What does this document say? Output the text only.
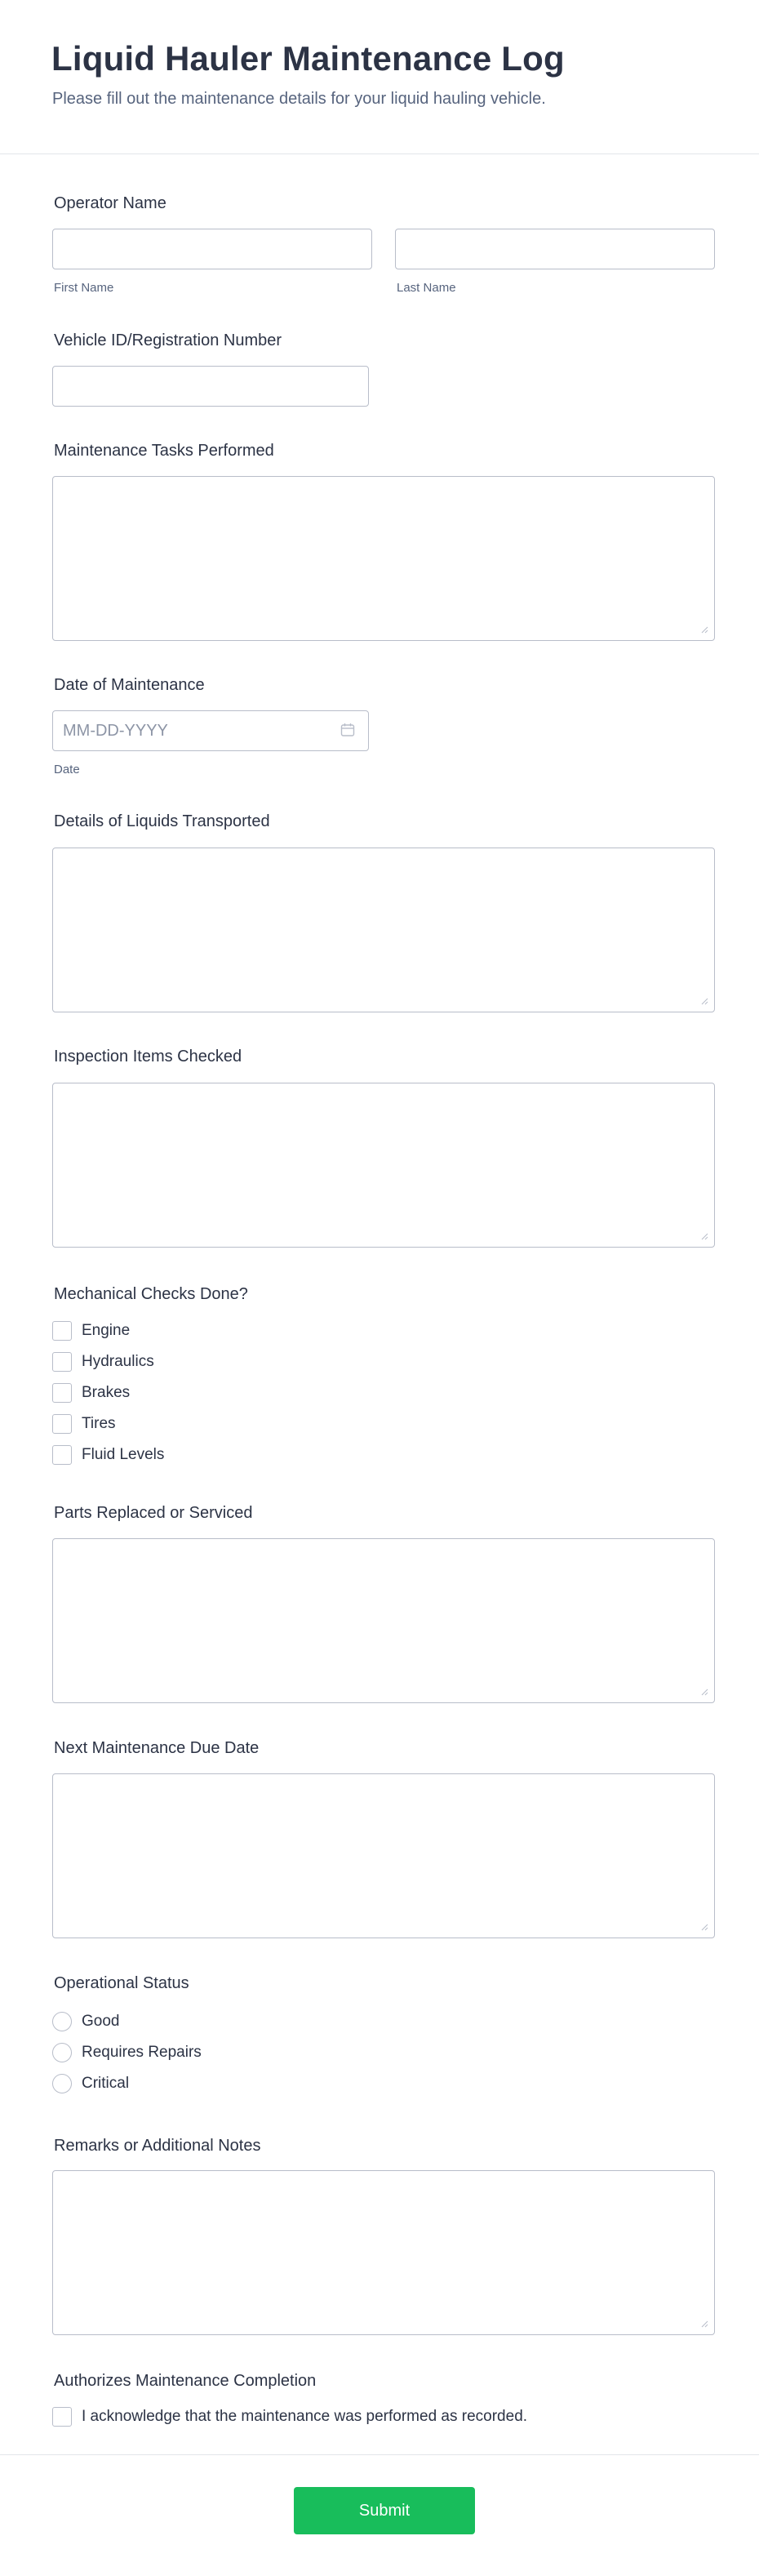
Liquid Hauler Maintenance Log

Please fill out the maintenance details for your liquid hauling vehicle.

Operator Name

First Name	Last Name

Vehicle ID/Registration Number

Maintenance Tasks Performed

Date of Maintenance

MM-DD-YYYY

Date

Details of Liquids Transported

Inspection Items Checked

Mechanical Checks Done?

Engine
Hydraulics
Brakes
Tires
Fluid Levels

Parts Replaced or Serviced

Next Maintenance Due Date

Operational Status

Good
Requires Repairs
Critical

Remarks or Additional Notes

Authorizes Maintenance Completion

I acknowledge that the maintenance was performed as recorded.
Submit
